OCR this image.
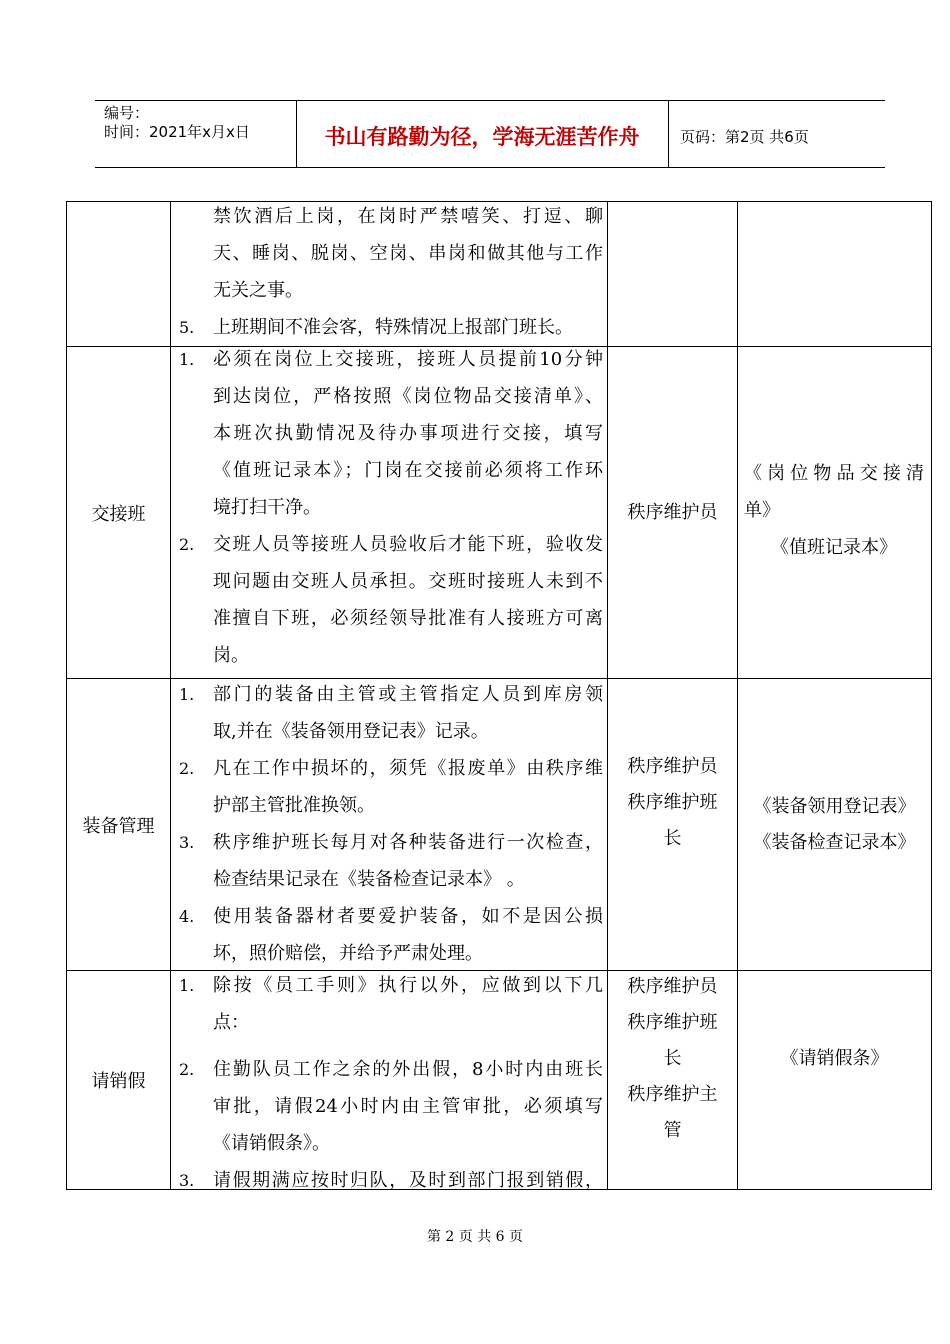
编号：
时间：2021年x月x日	书山有路勤为径，学海无涯苦作舟	页码：第2页 共6页
禁饮酒后上岗，在岗时严禁嘻笑、打逗、聊
天、睡岗、脱岗、空岗、串岗和做其他与工作
无关之事。
5. 上班期间不准会客，特殊情况上报部门班长。
交接班
1. 必须在岗位上交接班，接班人员提前10分钟
到达岗位，严格按照《岗位物品交接清单》、
本班次执勤情况及待办事项进行交接，填写
《值班记录本》；门岗在交接前必须将工作环
境打扫干净。
2. 交班人员等接班人员验收后才能下班，验收发
现问题由交班人员承担。交班时接班人未到不
准擅自下班，必须经领导批准有人接班方可离
岗。
秩序维护员
《岗位物品交接清
单》
《值班记录本》
装备管理
1. 部门的装备由主管或主管指定人员到库房领
取,并在《装备领用登记表》记录。
2. 凡在工作中损坏的，须凭《报废单》由秩序维
护部主管批准换领。
3. 秩序维护班长每月对各种装备进行一次检查，
检查结果记录在《装备检查记录本》 。
4. 使用装备器材者要爱护装备，如不是因公损
坏，照价赔偿，并给予严肃处理。
秩序维护员
秩序维护班
长
《装备领用登记表》
《装备检查记录本》
请销假
1. 除按《员工手则》执行以外，应做到以下几
点：
2. 住勤队员工作之余的外出假，8小时内由班长
审批，请假24小时内由主管审批，必须填写
《请销假条》。
3. 请假期满应按时归队，及时到部门报到销假，
秩序维护员
秩序维护班
长
秩序维护主
管
《请销假条》
第 2 页 共 6 页
